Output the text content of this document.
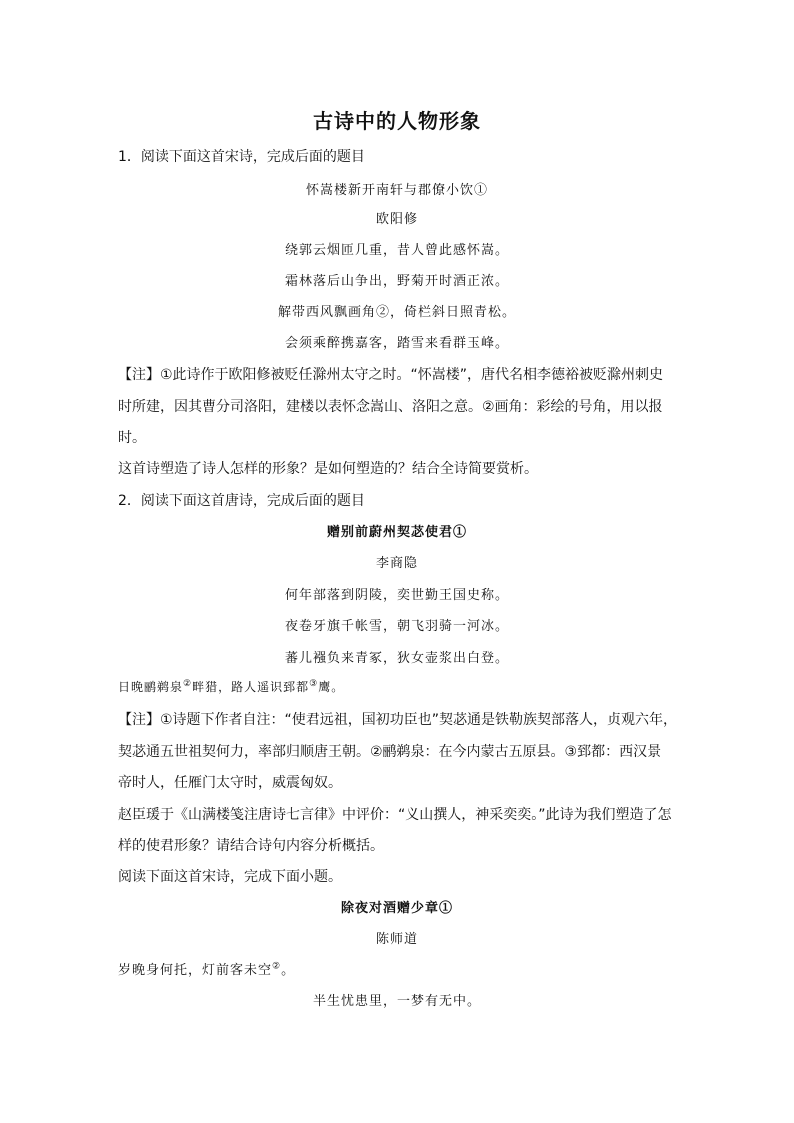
古诗中的人物形象
1．阅读下面这首宋诗，完成后面的题目
怀嵩楼新开南轩与郡僚小饮①
欧阳修
绕郭云烟匝几重，昔人曾此感怀嵩。
霜林落后山争出，野菊开时酒正浓。
解带西风飘画角②，倚栏斜日照青松。
会须乘醉携嘉客，踏雪来看群玉峰。
【注】①此诗作于欧阳修被贬任滁州太守之时。“怀嵩楼”，唐代名相李德裕被贬滁州刺史
时所建，因其曹分司洛阳，建楼以表怀念嵩山、洛阳之意。②画角：彩绘的号角，用以报
时。
这首诗塑造了诗人怎样的形象？是如何塑造的？结合全诗简要赏析。
2．阅读下面这首唐诗，完成后面的题目
赠别前蔚州契苾使君①
李商隐
何年部落到阴陵，奕世勤王国史称。
夜卷牙旗千帐雪，朝飞羽骑一河冰。
蕃儿襁负来青冢，狄女壶浆出白登。
日晚鹂鹈泉②畔猎，路人遥识郅都③鹰。
【注】①诗题下作者自注：“使君远祖，国初功臣也”契苾通是铁勒族契部落人，贞观六年，
契苾通五世祖契何力，率部归顺唐王朝。②鹂鹈泉：在今内蒙古五原县。③郅都：西汉景
帝时人，任雁门太守时，威震匈奴。
赵臣瑗于《山满楼笺注唐诗七言律》中评价：“义山撰人，神采奕奕。”此诗为我们塑造了怎
样的使君形象？请结合诗句内容分析概括。
阅读下面这首宋诗，完成下面小题。
除夜对酒赠少章①
陈师道
岁晚身何托，灯前客未空②。
半生忧患里，一梦有无中。
